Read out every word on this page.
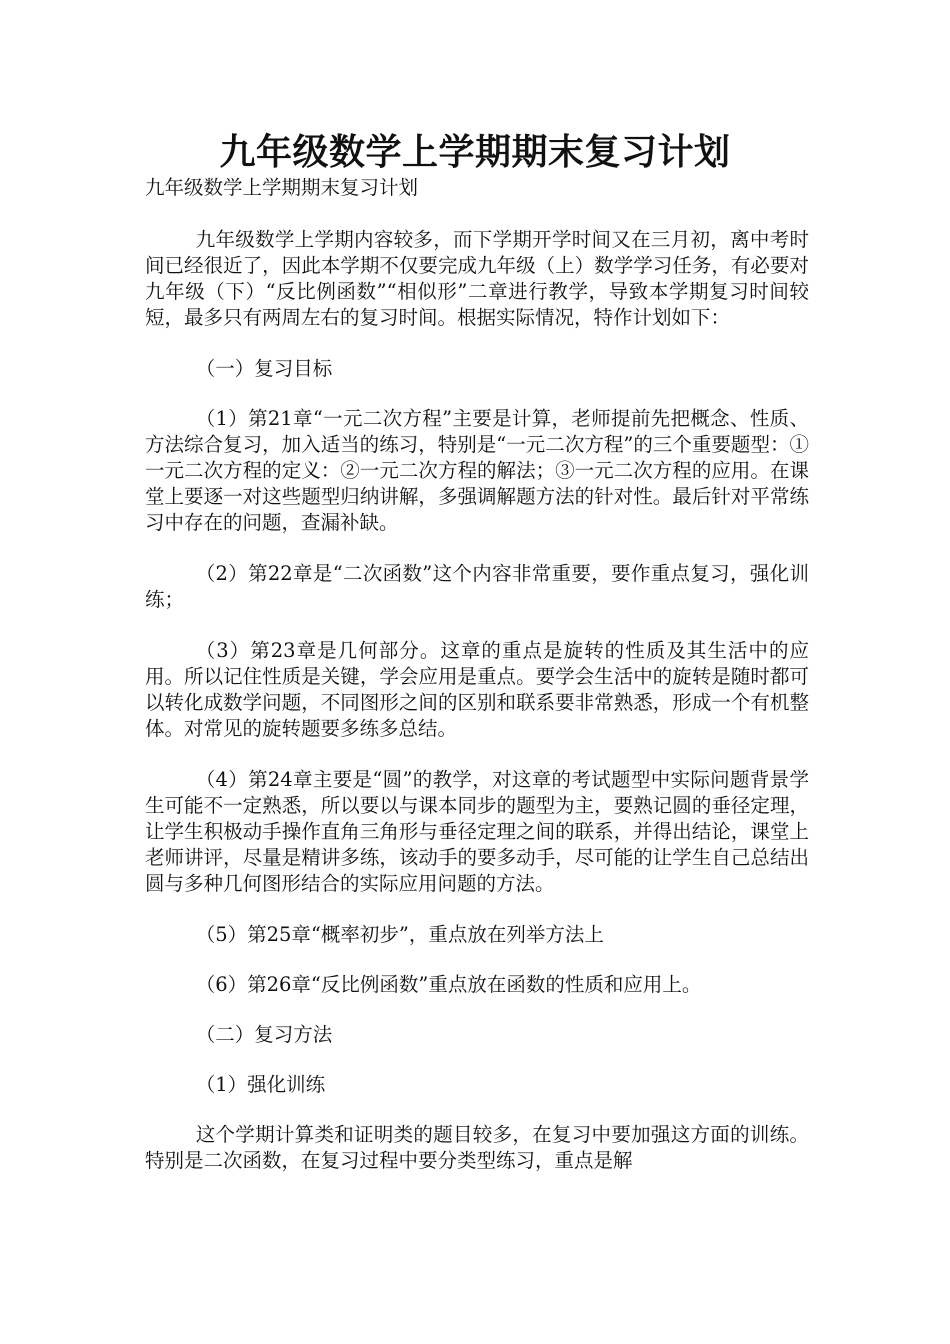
九年级数学上学期期末复习计划

九年级数学上学期期末复习计划

九年级数学上学期内容较多，而下学期开学时间又在三月初，离中考时间已经很近了，因此本学期不仅要完成九年级（上）数学学习任务，有必要对九年级（下）“反比例函数”“相似形”二章进行教学，导致本学期复习时间较短，最多只有两周左右的复习时间。根据实际情况，特作计划如下：

（一）复习目标

（1）第21章“一元二次方程”主要是计算，老师提前先把概念、性质、方法综合复习，加入适当的练习，特别是“一元二次方程”的三个重要题型：①一元二次方程的定义：②一元二次方程的解法；③一元二次方程的应用。在课堂上要逐一对这些题型归纳讲解，多强调解题方法的针对性。最后针对平常练习中存在的问题，查漏补缺。

（2）第22章是“二次函数”这个内容非常重要，要作重点复习，强化训练；

（3）第23章是几何部分。这章的重点是旋转的性质及其生活中的应用。所以记住性质是关键，学会应用是重点。要学会生活中的旋转是随时都可以转化成数学问题，不同图形之间的区别和联系要非常熟悉，形成一个有机整体。对常见的旋转题要多练多总结。

（4）第24章主要是“圆”的教学，对这章的考试题型中实际问题背景学生可能不一定熟悉，所以要以与课本同步的题型为主，要熟记圆的垂径定理，让学生积极动手操作直角三角形与垂径定理之间的联系，并得出结论，课堂上老师讲评，尽量是精讲多练，该动手的要多动手，尽可能的让学生自己总结出圆与多种几何图形结合的实际应用问题的方法。

（5）第25章“概率初步”，重点放在列举方法上

（6）第26章“反比例函数”重点放在函数的性质和应用上。

（二）复习方法

（1）强化训练

这个学期计算类和证明类的题目较多，在复习中要加强这方面的训练。特别是二次函数，在复习过程中要分类型练习，重点是解
